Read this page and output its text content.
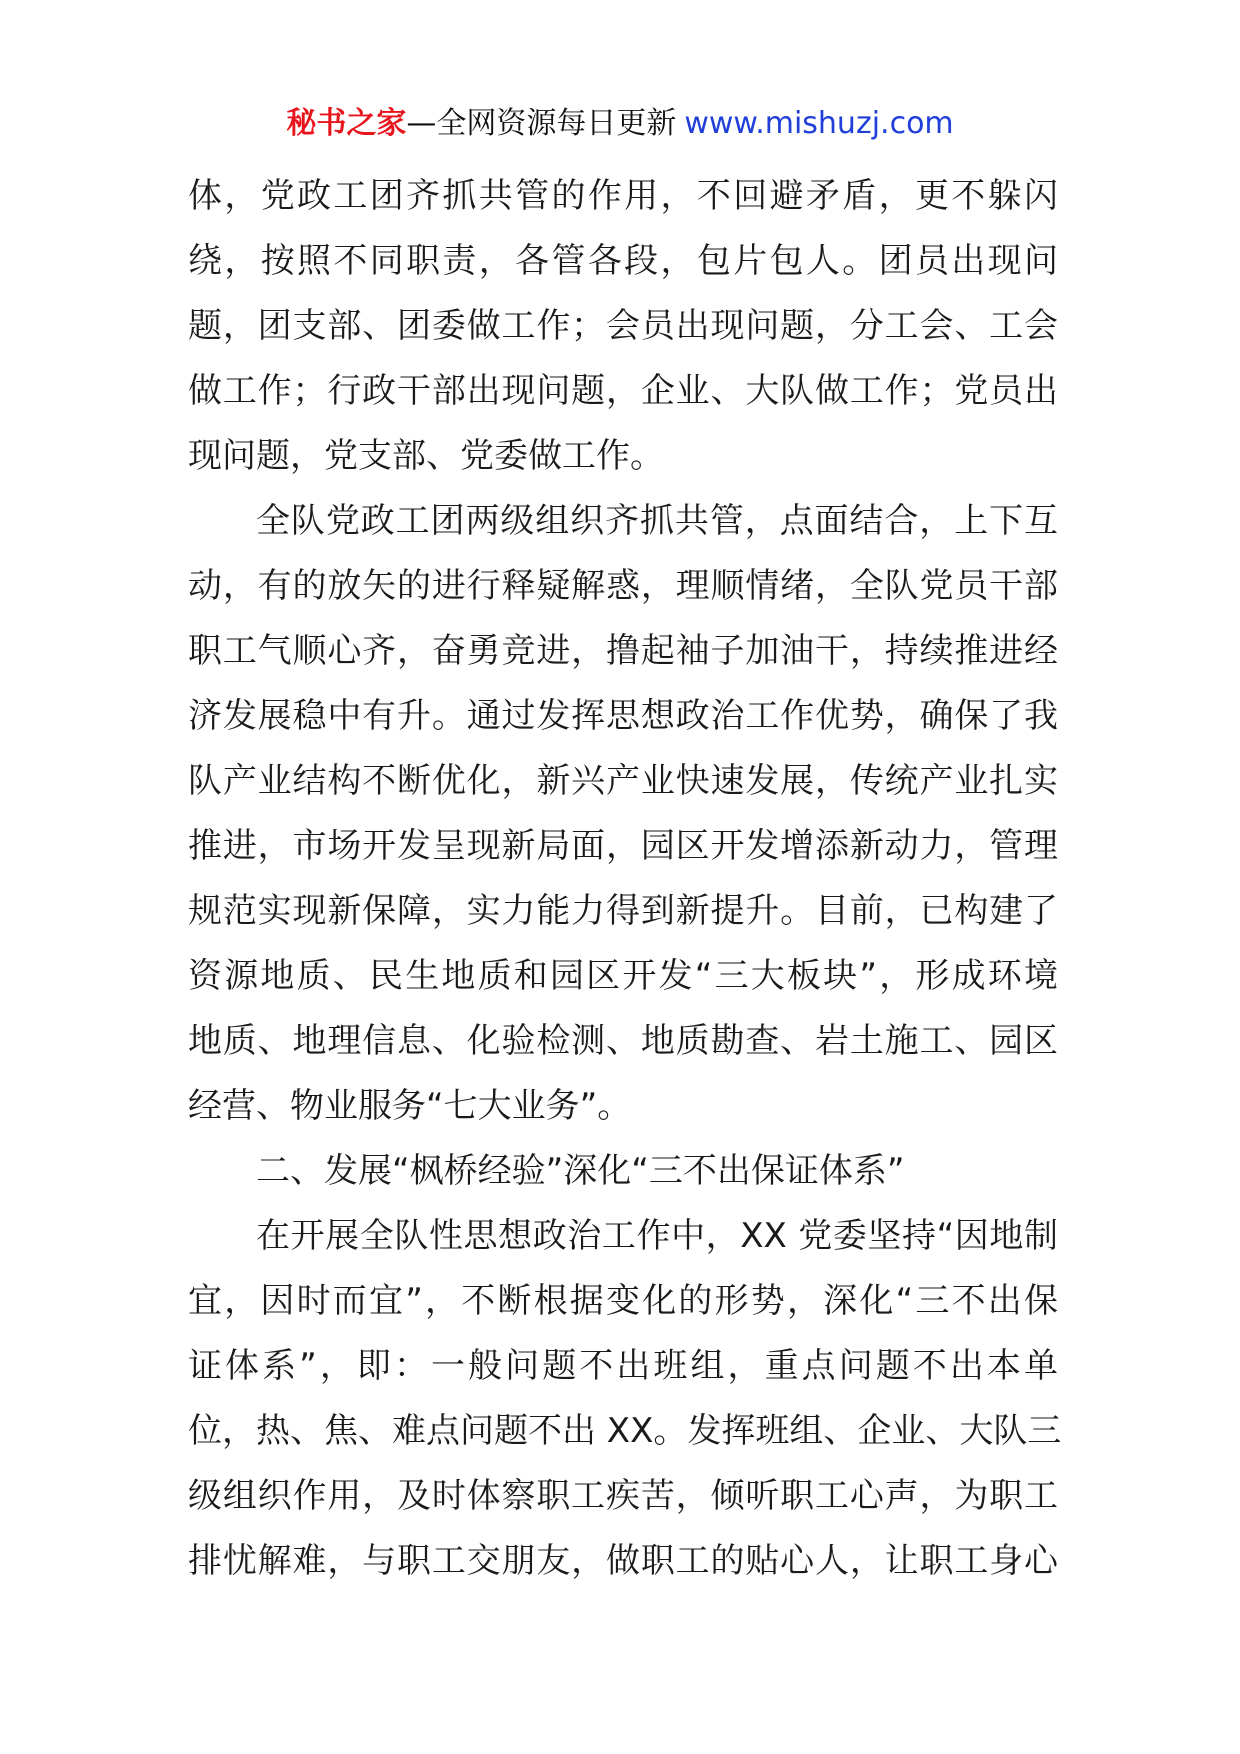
秘书之家—全网资源每日更新 www.mishuzj.com
体，党政工团齐抓共管的作用，不回避矛盾，更不躲闪
绕，按照不同职责，各管各段，包片包人。团员出现问
题，团支部、团委做工作；会员出现问题，分工会、工会
做工作；行政干部出现问题，企业、大队做工作；党员出
现问题，党支部、党委做工作。
全队党政工团两级组织齐抓共管，点面结合，上下互
动，有的放矢的进行释疑解惑，理顺情绪，全队党员干部
职工气顺心齐，奋勇竞进，撸起袖子加油干，持续推进经
济发展稳中有升。通过发挥思想政治工作优势，确保了我
队产业结构不断优化，新兴产业快速发展，传统产业扎实
推进，市场开发呈现新局面，园区开发增添新动力，管理
规范实现新保障，实力能力得到新提升。目前，已构建了
资源地质、民生地质和园区开发“三大板块”，形成环境
地质、地理信息、化验检测、地质勘查、岩土施工、园区
经营、物业服务“七大业务”。
二、发展“枫桥经验”深化“三不出保证体系”
在开展全队性思想政治工作中，XX 党委坚持“因地制
宜，因时而宜”，不断根据变化的形势，深化“三不出保
证体系”，即：一般问题不出班组，重点问题不出本单
位，热、焦、难点问题不出 XX。发挥班组、企业、大队三
级组织作用，及时体察职工疾苦，倾听职工心声，为职工
排忧解难，与职工交朋友，做职工的贴心人，让职工身心
